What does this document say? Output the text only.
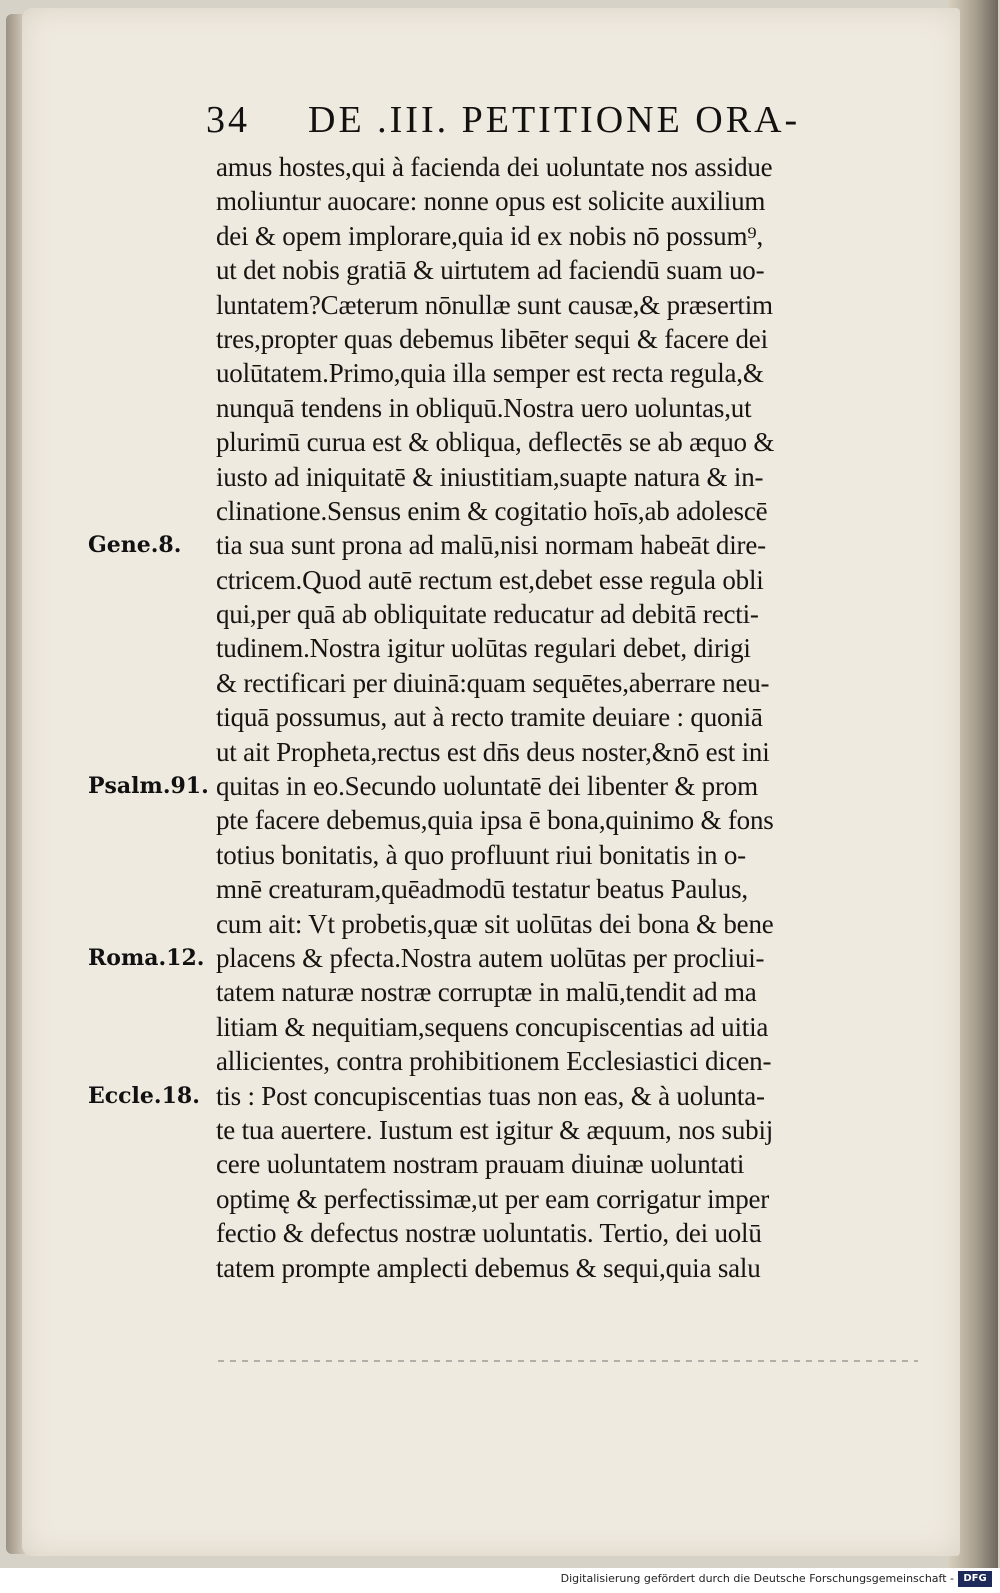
34 DE .III. PETITIONE ORA-
amus hostes,qui à facienda dei uoluntate nos assidue
moliuntur auocare: nonne opus est solicite auxilium
dei & opem implorare,quia id ex nobis nō possum⁹,
ut det nobis gratiā & uirtutem ad faciendū suam uo-
luntatem?Cæterum nōnullæ sunt causæ,& præsertim
tres,propter quas debemus libēter sequi & facere dei
uolūtatem.Primo,quia illa semper est recta regula,&
nunquā tendens in obliquū.Nostra uero uoluntas,ut
plurimū curua est & obliqua, deflectēs se ab æquo &
iusto ad iniquitatē & iniustitiam,suapte natura & in-
clinatione.Sensus enim & cogitatio hoīs,ab adolescē
tia sua sunt prona ad malū,nisi normam habeāt dire-
ctricem.Quod autē rectum est,debet esse regula obli
qui,per quā ab obliquitate reducatur ad debitā recti-
tudinem.Nostra igitur uolūtas regulari debet, dirigi
& rectificari per diuinā:quam sequētes,aberrare neu-
tiquā possumus, aut à recto tramite deuiare : quoniā
ut ait Propheta,rectus est dn̄s deus noster,&nō est ini
quitas in eo.Secundo uoluntatē dei libenter & prom
pte facere debemus,quia ipsa ē bona,quinimo & fons
totius bonitatis, à quo profluunt riui bonitatis in o-
mnē creaturam,quēadmodū testatur beatus Paulus,
cum ait: Vt probetis,quæ sit uolūtas dei bona & bene
placens & pfecta.Nostra autem uolūtas per procliui-
tatem naturæ nostræ corruptæ in malū,tendit ad ma
litiam & nequitiam,sequens concupiscentias ad uitia
allicientes, contra prohibitionem Ecclesiastici dicen-
tis : Post concupiscentias tuas non eas, & à uolunta-
te tua auertere. Iustum est igitur & æquum, nos subij
cere uoluntatem nostram prauam diuinæ uoluntati
optimę & perfectissimæ,ut per eam corrigatur imper
fectio & defectus nostræ uoluntatis. Tertio, dei uolū
tatem prompte amplecti debemus & sequi,quia salu
Gene.8.
Psalm.91.
Roma.12.
Eccle.18.
Digitalisierung gefördert durch die Deutsche Forschungsgemeinschaft - DFG
